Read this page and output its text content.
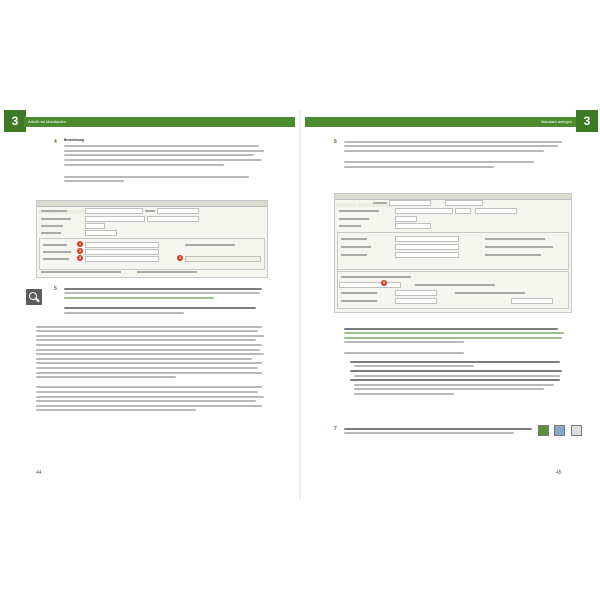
3	Arbeit mit Mandanten
4 Bezeichnung
1
2
3	4
5
44
3
Mandant anlegen
6
5
7

45
